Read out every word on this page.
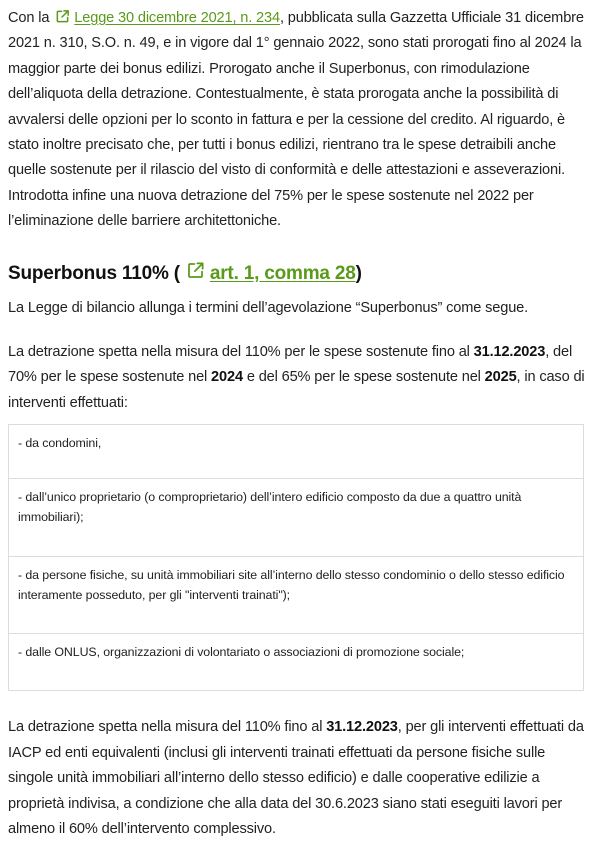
Con la Legge 30 dicembre 2021, n. 234, pubblicata sulla Gazzetta Ufficiale 31 dicembre 2021 n. 310, S.O. n. 49, e in vigore dal 1° gennaio 2022, sono stati prorogati fino al 2024 la maggior parte dei bonus edilizi. Prorogato anche il Superbonus, con rimodulazione dell’aliquota della detrazione. Contestualmente, è stata prorogata anche la possibilità di avvalersi delle opzioni per lo sconto in fattura e per la cessione del credito. Al riguardo, è stato inoltre precisato che, per tutti i bonus edilizi, rientrano tra le spese detraibili anche quelle sostenute per il rilascio del visto di conformità e delle attestazioni e asseverazioni. Introdotta infine una nuova detrazione del 75% per le spese sostenute nel 2022 per l’eliminazione delle barriere architettoniche.

Superbonus 110% ( art. 1, comma 28)

La Legge di bilancio allunga i termini dell’agevolazione “Superbonus” come segue.

La detrazione spetta nella misura del 110% per le spese sostenute fino al 31.12.2023, del 70% per le spese sostenute nel 2024 e del 65% per le spese sostenute nel 2025, in caso di interventi effettuati:

- da condomini,
- dall’unico proprietario (o comproprietario) dell’intero edificio composto da due a quattro unità immobiliari);
- da persone fisiche, su unità immobiliari site all’interno dello stesso condominio o dello stesso edificio interamente posseduto, per gli "interventi trainati");
- dalle ONLUS, organizzazioni di volontariato o associazioni di promozione sociale;

La detrazione spetta nella misura del 110% fino al 31.12.2023, per gli interventi effettuati da IACP ed enti equivalenti (inclusi gli interventi trainati effettuati da persone fisiche sulle singole unità immobiliari all’interno dello stesso edificio) e dalle cooperative edilizie a proprietà indivisa, a condizione che alla data del 30.6.2023 siano stati eseguiti lavori per almeno il 60% dell’intervento complessivo.
